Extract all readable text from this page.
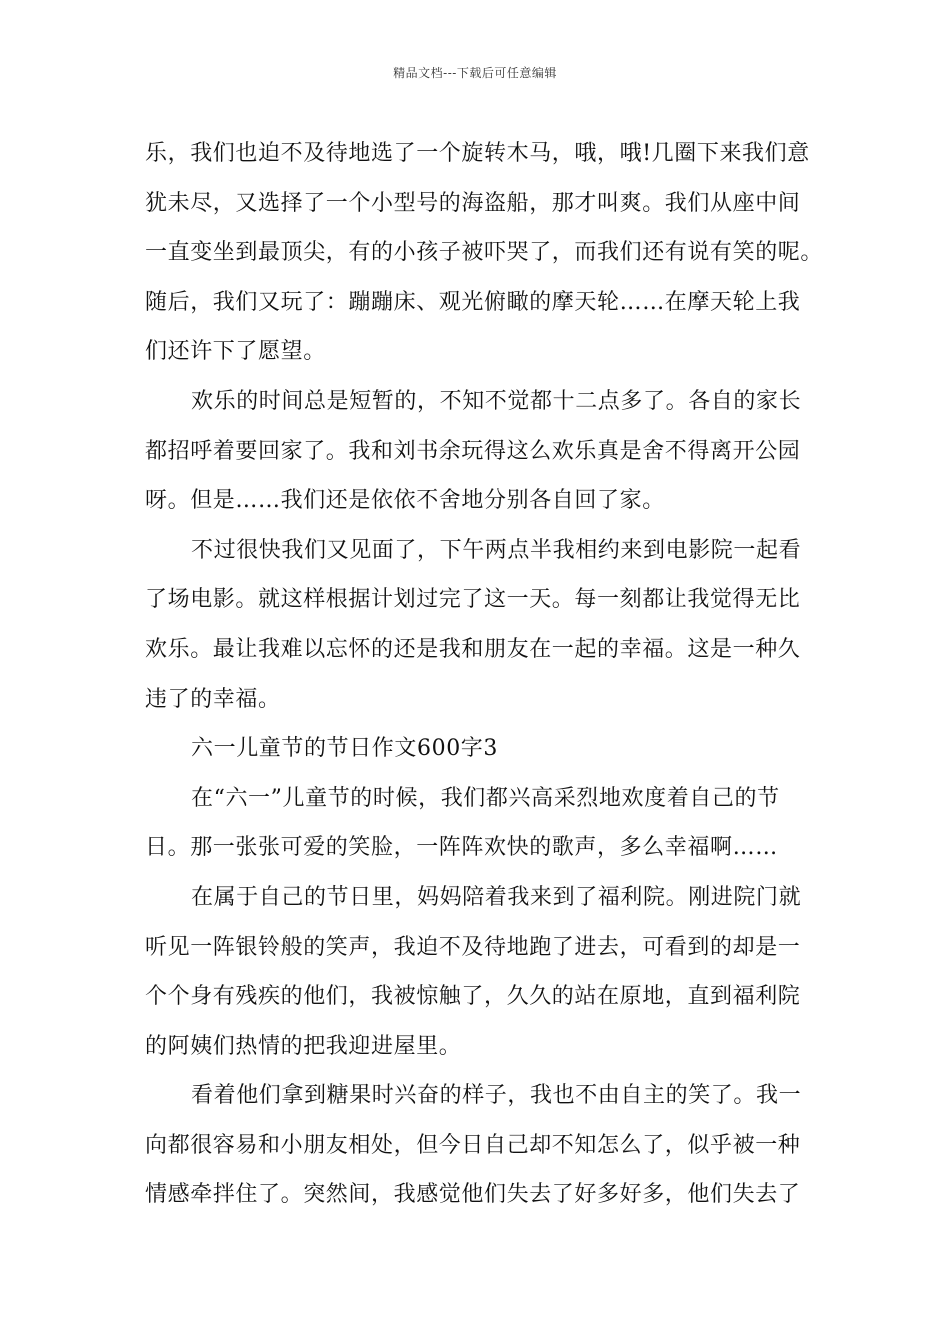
精品文档---下载后可任意编辑
乐，我们也迫不及待地选了一个旋转木马，哦，哦!几圈下来我们意
犹未尽，又选择了一个小型号的海盗船，那才叫爽。我们从座中间
一直变坐到最顶尖，有的小孩子被吓哭了，而我们还有说有笑的呢。
随后，我们又玩了：蹦蹦床、观光俯瞰的摩天轮……在摩天轮上我
们还许下了愿望。
欢乐的时间总是短暂的，不知不觉都十二点多了。各自的家长
都招呼着要回家了。我和刘书余玩得这么欢乐真是舍不得离开公园
呀。但是……我们还是依依不舍地分别各自回了家。
不过很快我们又见面了，下午两点半我相约来到电影院一起看
了场电影。就这样根据计划过完了这一天。每一刻都让我觉得无比
欢乐。最让我难以忘怀的还是我和朋友在一起的幸福。这是一种久
违了的幸福。
六一儿童节的节日作文600字3
在“六一”儿童节的时候，我们都兴高采烈地欢度着自己的节
日。那一张张可爱的笑脸，一阵阵欢快的歌声，多么幸福啊……
在属于自己的节日里，妈妈陪着我来到了福利院。刚进院门就
听见一阵银铃般的笑声，我迫不及待地跑了进去，可看到的却是一
个个身有残疾的他们，我被惊触了，久久的站在原地，直到福利院
的阿姨们热情的把我迎进屋里。
看着他们拿到糖果时兴奋的样子，我也不由自主的笑了。我一
向都很容易和小朋友相处，但今日自己却不知怎么了，似乎被一种
情感牵拌住了。突然间，我感觉他们失去了好多好多，他们失去了
